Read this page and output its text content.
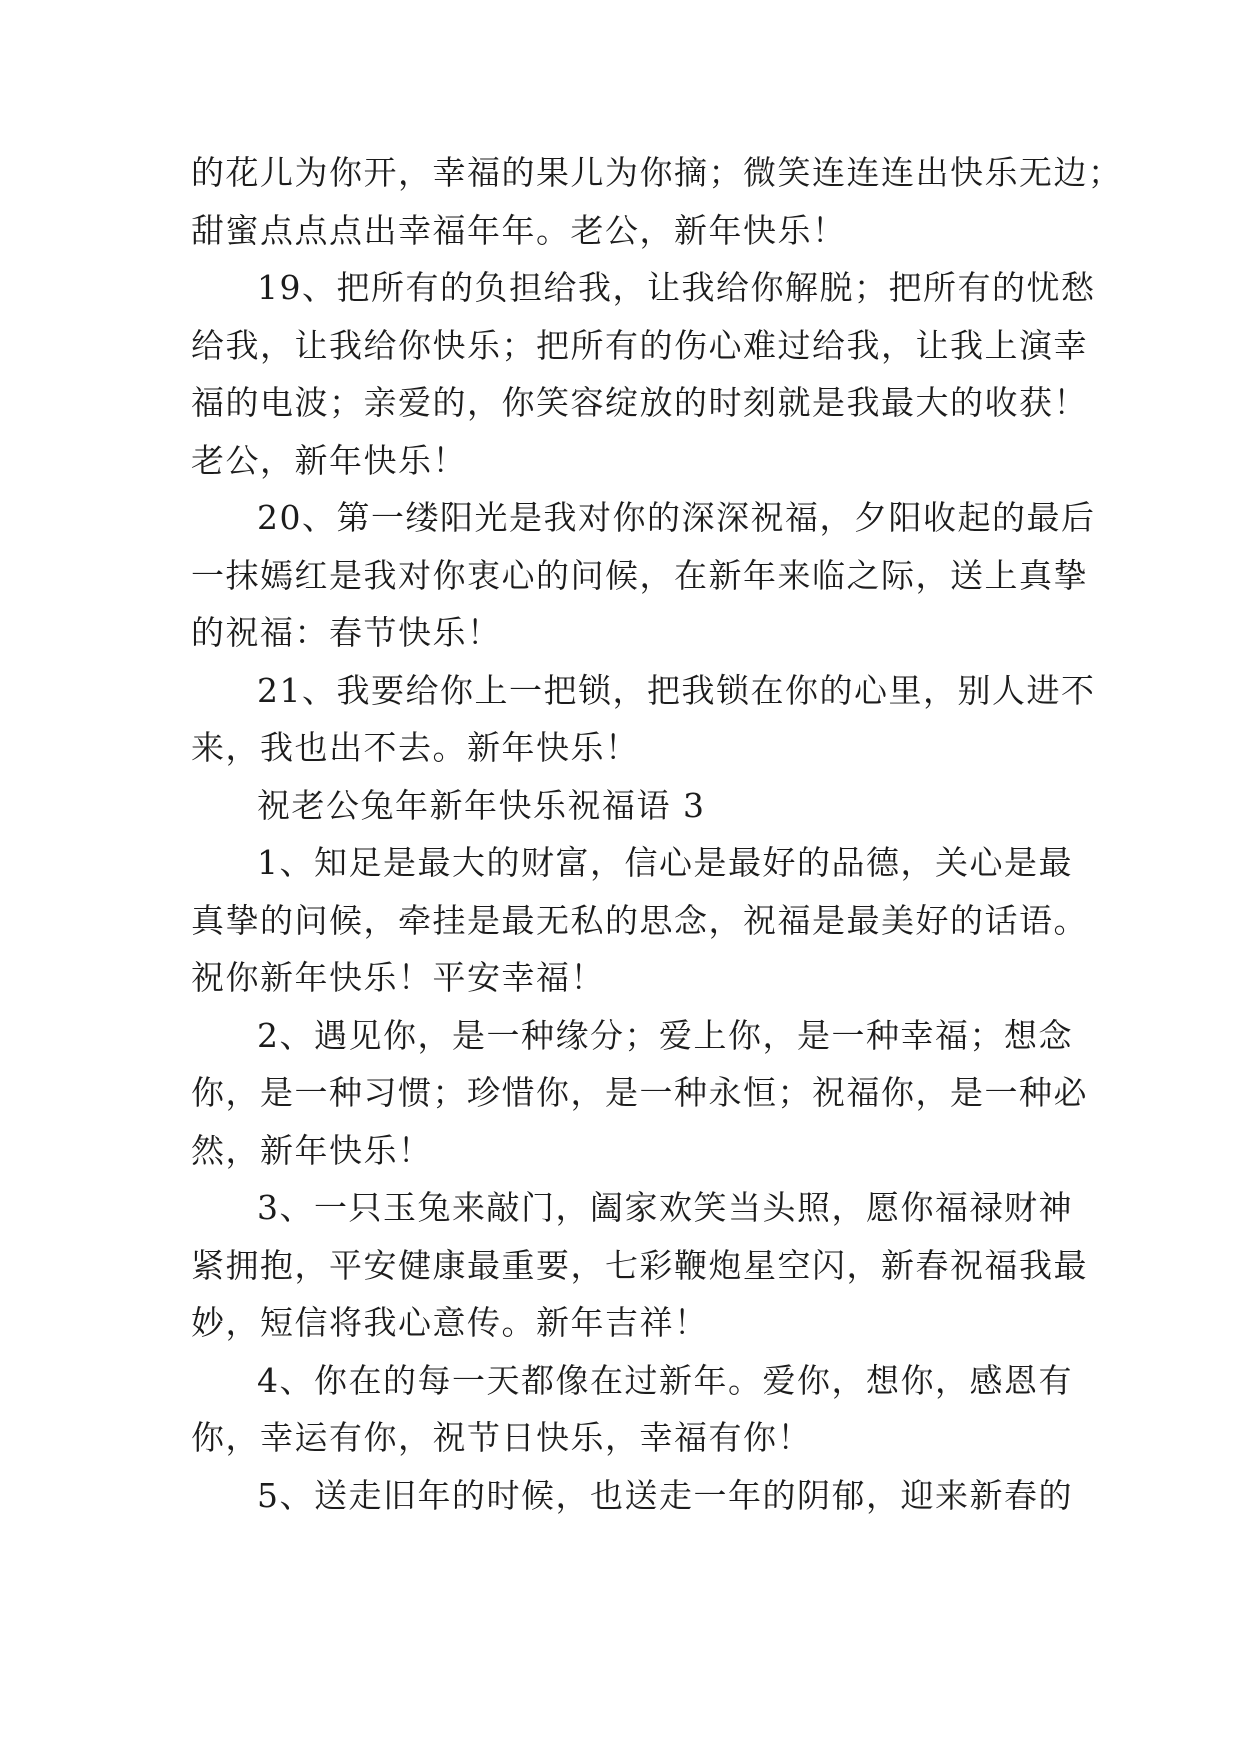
的花儿为你开，幸福的果儿为你摘；微笑连连连出快乐无边；
甜蜜点点点出幸福年年。老公，新年快乐！
19、把所有的负担给我，让我给你解脱；把所有的忧愁
给我，让我给你快乐；把所有的伤心难过给我，让我上演幸
福的电波；亲爱的，你笑容绽放的时刻就是我最大的收获！
老公，新年快乐！
20、第一缕阳光是我对你的深深祝福，夕阳收起的最后
一抹嫣红是我对你衷心的问候，在新年来临之际，送上真挚
的祝福：春节快乐！
21、我要给你上一把锁，把我锁在你的心里，别人进不
来，我也出不去。新年快乐！
祝老公兔年新年快乐祝福语 3
1、知足是最大的财富，信心是最好的品德，关心是最
真挚的问候，牵挂是最无私的思念，祝福是最美好的话语。
祝你新年快乐！平安幸福！
2、遇见你，是一种缘分；爱上你，是一种幸福；想念
你，是一种习惯；珍惜你，是一种永恒；祝福你，是一种必
然，新年快乐！
3、一只玉兔来敲门，阖家欢笑当头照，愿你福禄财神
紧拥抱，平安健康最重要，七彩鞭炮星空闪，新春祝福我最
妙，短信将我心意传。新年吉祥！
4、你在的每一天都像在过新年。爱你，想你，感恩有
你，幸运有你，祝节日快乐，幸福有你！
5、送走旧年的时候，也送走一年的阴郁，迎来新春的
